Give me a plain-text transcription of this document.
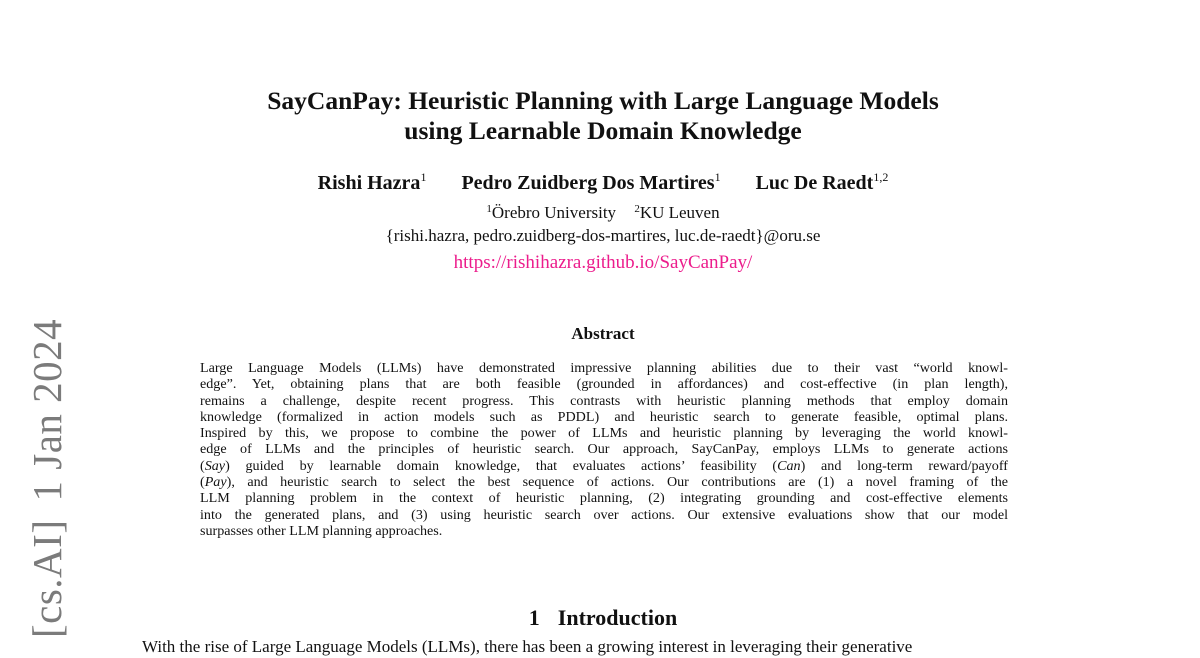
SayCanPay: Heuristic Planning with Large Language Models
using Learnable Domain Knowledge
Rishi Hazra$^1$ Pedro Zuidberg Dos Martires$^1$ Luc De Raedt$^{1,2}$
$^1$Örebro University $^2$KU Leuven
{rishi.hazra, pedro.zuidberg-dos-martires, luc.de-raedt}@oru.se
https://rishihazra.github.io/SayCanPay/
Abstract
Large Language Models (LLMs) have demonstrated impressive planning abilities due to their vast “world knowl-
edge”. Yet, obtaining plans that are both feasible (grounded in affordances) and cost-effective (in plan length),
remains a challenge, despite recent progress. This contrasts with heuristic planning methods that employ domain
knowledge (formalized in action models such as PDDL) and heuristic search to generate feasible, optimal plans.
Inspired by this, we propose to combine the power of LLMs and heuristic planning by leveraging the world knowl-
edge of LLMs and the principles of heuristic search. Our approach, SayCanPay, employs LLMs to generate actions
(Say) guided by learnable domain knowledge, that evaluates actions’ feasibility (Can) and long-term reward/payoff
(Pay), and heuristic search to select the best sequence of actions. Our contributions are (1) a novel framing of the
LLM planning problem in the context of heuristic planning, (2) integrating grounding and cost-effective elements
into the generated plans, and (3) using heuristic search over actions. Our extensive evaluations show that our model
surpasses other LLM planning approaches.
1 Introduction
With the rise of Large Language Models (LLMs), there has been a growing interest in leveraging their generative
[cs.AI]1 Jan 2024
